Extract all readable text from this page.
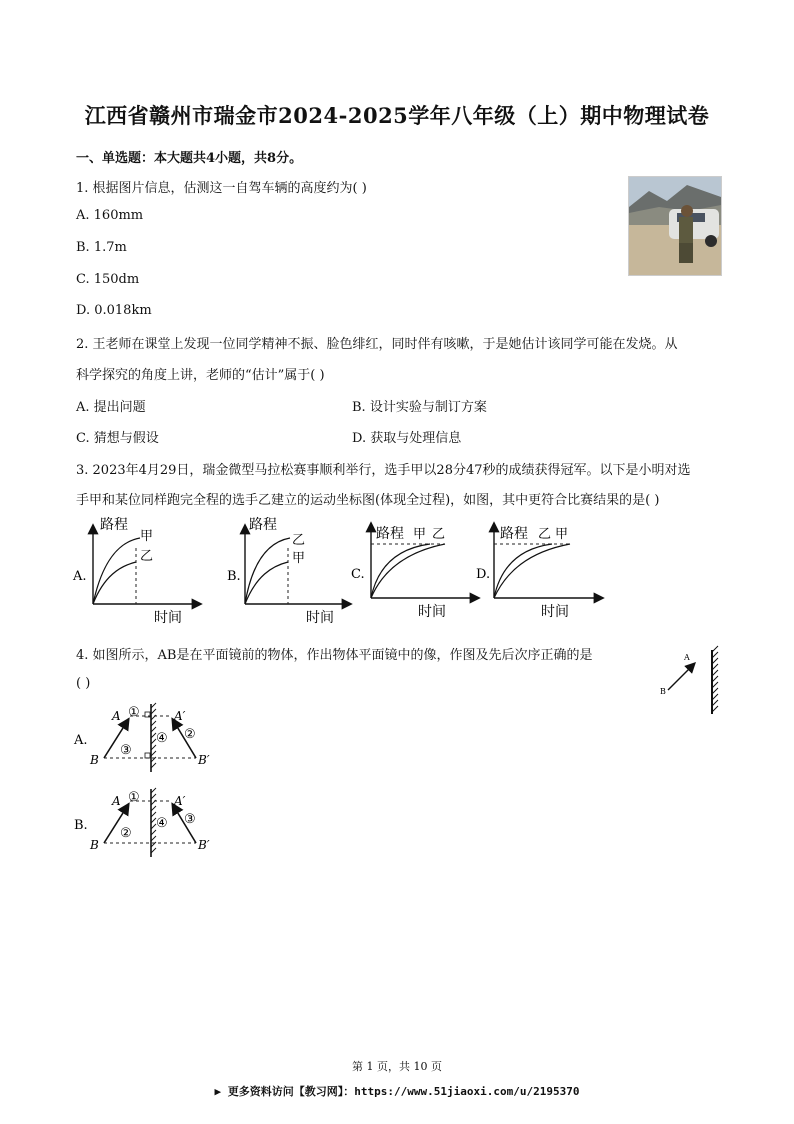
江西省赣州市瑞金市2024-2025学年八年级（上）期中物理试卷
一、单选题：本大题共4小题，共8分。
1. 根据图片信息，估测这一自驾车辆的高度约为( )
A. 160mm
B. 1.7m
C. 150dm
D. 0.018km
2. 王老师在课堂上发现一位同学精神不振、脸色绯红，同时伴有咳嗽，于是她估计该同学可能在发烧。从
科学探究的角度上讲，老师的“估计”属于( )
A. 提出问题	B. 设计实验与制订方案
C. 猜想与假设	D. 获取与处理信息
3. 2023年4月29日，瑞金微型马拉松赛事顺利举行，选手甲以28分47秒的成绩获得冠军。以下是小明对选
手甲和某位同样跑完全程的选手乙建立的运动坐标图(体现全过程)，如图，其中更符合比赛结果的是( )
A.
路程
甲
乙
时间
B.
路程
乙
甲
时间
C.
路程 甲 乙
时间
D.
路程 乙 甲
时间
4. 如图所示，AB是在平面镜前的物体，作出物体平面镜中的像，作图及先后次序正确的是
( )
A
B
A.
A
B
A′
B′
①
②
③
④
B.
A
B
A′
B′
①
②
③
④
第 1 页，共 10 页
▶ 更多资料访问【教习网】：https://www.51jiaoxi.com/u/2195370
